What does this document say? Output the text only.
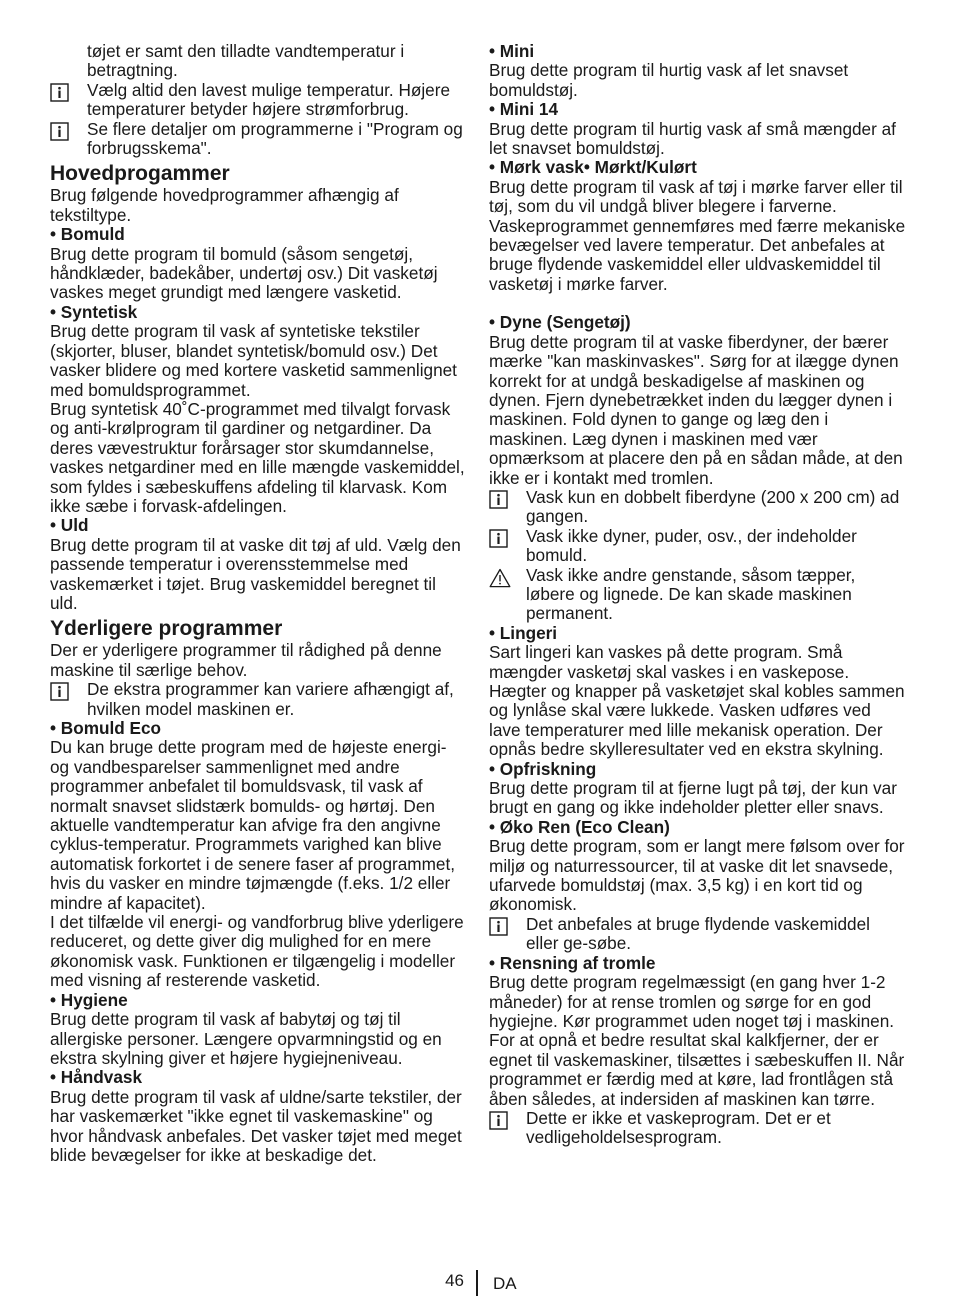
tøjet er samt den tilladte vandtemperatur i betragtning.

Vælg altid den lavest mulige temperatur. Højere temperaturer betyder højere strømforbrug.
Se flere detaljer om programmerne i "Program og forbrugsskema".
Hovedprogammer

Brug følgende hovedprogrammer afhængig af tekstiltype.

• Bomuld

Brug dette program til bomuld (såsom sengetøj, håndklæder, badekåber, undertøj osv.) Dit vasketøj vaskes meget grundigt med længere vasketid.

• Syntetisk

Brug dette program til vask af syntetiske tekstiler (skjorter, bluser, blandet syntetisk/bomuld osv.) Det vasker blidere og med kortere vasketid sammenlignet med bomuldsprogrammet.

Brug syntetisk 40˚C-programmet med tilvalgt forvask og anti-krølprogram til gardiner og netgardiner. Da deres vævestruktur forårsager stor skumdannelse, vaskes netgardiner med en lille mængde vaskemiddel, som fyldes i sæbeskuffens afdeling til klarvask. Kom ikke sæbe i forvask-afdelingen.

• Uld

Brug dette program til at vaske dit tøj af uld. Vælg den passende temperatur i overensstemmelse med vaskemærket i tøjet. Brug vaskemiddel beregnet til uld.

Yderligere programmer

Der er yderligere programmer til rådighed på denne maskine til særlige behov.

De ekstra programmer kan variere afhængigt af, hvilken model maskinen er.

• Bomuld Eco

Du kan bruge dette program med de højeste energi- og vandbesparelser sammenlignet med andre programmer anbefalet til bomuldsvask, til vask af normalt snavset slidstærk bomulds- og hørtøj. Den aktuelle vandtemperatur kan afvige fra den angivne cyklus-temperatur. Programmets varighed kan blive automatisk forkortet i de senere faser af programmet, hvis du vasker en mindre tøjmængde (f.eks. 1/2 eller mindre af kapacitet).

I det tilfælde vil energi- og vandforbrug blive yderligere reduceret, og dette giver dig mulighed for en mere økonomisk vask. Funktionen er tilgængelig i modeller med visning af resterende vasketid.

• Hygiene

Brug dette program til vask af babytøj og tøj til allergiske personer. Længere opvarmningstid og en ekstra skylning giver et højere hygiejneniveau.

• Håndvask

Brug dette program til vask af uldne/sarte tekstiler, der har vaskemærket "ikke egnet til vaskemaskine" og hvor håndvask anbefales. Det vasker tøjet med meget blide bevægelser for ikke at beskadige det.

• Mini

Brug dette program til hurtig vask af let snavset bomuldstøj.

• Mini 14

Brug dette program til hurtig vask af små mængder af let snavset bomuldstøj.

• Mørk vask• Mørkt/Kulørt

Brug dette program til vask af tøj i mørke farver eller til tøj, som du vil undgå bliver blegere i farverne. Vaskeprogrammet gennemføres med færre mekaniske bevægelser ved lavere temperatur. Det anbefales at bruge flydende vaskemiddel eller uldvaskemiddel til vasketøj i mørke farver.

• Dyne (Sengetøj)

Brug dette program til at vaske fiberdyner, der bærer mærke "kan maskinvaskes". Sørg for at ilægge dynen korrekt for at undgå beskadigelse af maskinen og dynen. Fjern dynebetrækket inden du lægger dynen i maskinen. Fold dynen to gange og læg den i maskinen. Læg dynen i maskinen med vær opmærksom at placere den på en sådan måde, at den ikke er i kontakt med tromlen.

Vask kun en dobbelt fiberdyne (200 x 200 cm) ad gangen.
Vask ikke dyner, puder, osv., der indeholder bomuld.
Vask ikke andre genstande, såsom tæpper, løbere og lignede. De kan skade maskinen permanent.

• Lingeri

Sart lingeri kan vaskes på dette program. Små mængder vasketøj skal vaskes i en vaskepose. Hægter og knapper på vasketøjet skal kobles sammen og lynlåse skal være lukkede. Vasken udføres ved lave temperaturer med lille mekanisk operation. Der opnås bedre skylleresultater ved en ekstra skylning.

• Opfriskning

Brug dette program til at fjerne lugt på tøj, der kun var brugt en gang og ikke indeholder pletter eller snavs.

• Øko Ren (Eco Clean)

Brug dette program, som er langt mere følsom over for miljø og naturressourcer, til at vaske dit let snavsede, ufarvede bomuldstøj (max. 3,5 kg) i en kort tid og økonomisk.

Det anbefales at bruge flydende vaskemiddel eller ge-søbe.

• Rensning af tromle

Brug dette program regelmæssigt (en gang hver 1-2 måneder) for at rense tromlen og sørge for en god hygiejne. Kør programmet uden noget tøj i maskinen. For at opnå et bedre resultat skal kalkfjerner, der er egnet til vaskemaskiner, tilsættes i sæbeskuffen II. Når programmet er færdig med at køre, lad frontlågen stå åben således, at indersiden af maskinen kan tørre.

Dette er ikke et vaskeprogram. Det er et vedligeholdelsesprogram.
46 DA
